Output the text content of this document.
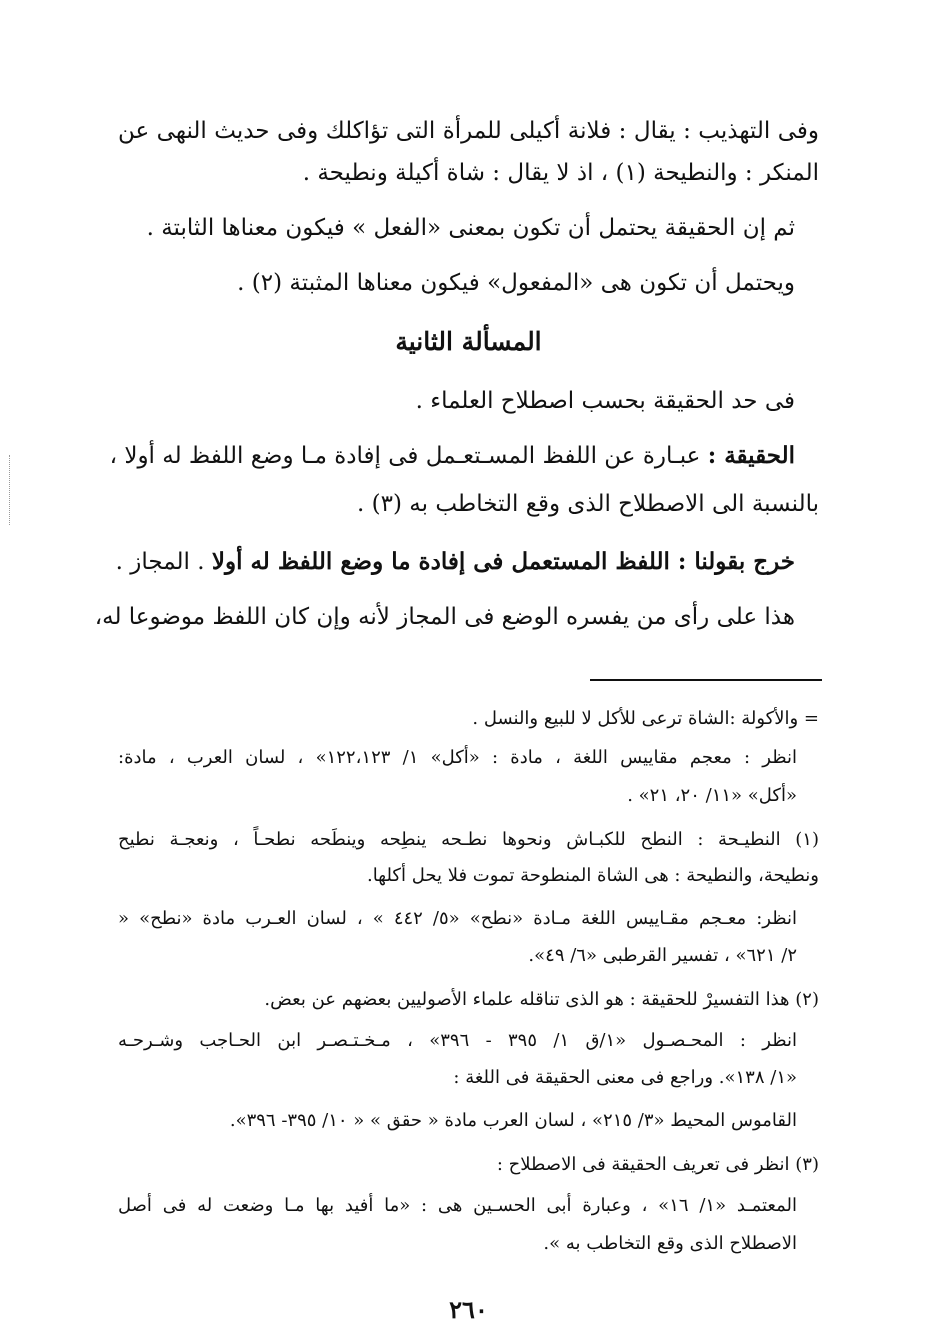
وفى التهذيب : يقال : فلانة أكيلى للمرأة التى تؤاكلك وفى حديث النهى عن
المنكر : والنطيحة (١) ، اذ لا يقال : شاة أكيلة ونطيحة .
ثم إن الحقيقة يحتمل أن تكون بمعنى «الفعل » فيكون معناها الثابتة .
ويحتمل أن تكون هى «المفعول» فيكون معناها المثبتة (٢) .
المسألة الثانية
فى حد الحقيقة بحسب اصطلاح العلماء .
الحقيقة : عبـارة عن اللفظ المسـتعـمل فى إفادة مـا وضع اللفظ له أولا ،
بالنسبة الى الاصطلاح الذى وقع التخاطب به (٣) .
خرج بقولنا : اللفظ المستعمل فى إفادة ما وضع اللفظ له أولا . المجاز .
هذا على رأى من يفسره الوضع فى المجاز لأنه وإن كان اللفظ موضوعا له،
= والأكولة :الشاة ترعى للأكل لا للبيع والنسل .
انظر : معجم مقاييس اللغة ، مادة : «أكل» ١/ ١٢٢،١٢٣» ، لسان العرب ، مادة:
«أكل» «١١/ ٢٠، ٢١» .
(١) النطيـحة : النطح للكبـاش ونحوها نطـحه ينطِحه وينطَحه نطحـاً ، ونعجـة نطيح
ونطيحة، والنطيحة : هى الشاة المنطوحة تموت فلا يحل أكلها.
انظر: معـجم مقـاييس اللغة مـادة «نطح» «٥/ ٤٤٢ » ، لسان العـرب مادة «نطح» «
٢/ ٦٢١» ، تفسير القرطبى «٦/ ٤٩».
(٢) هذا التفسيرْ للحقيقة : هو الذى تناقله علماء الأصوليين بعضهم عن بعض.
انظر : المحـصـول «١/ق ١/ ٣٩٥ - ٣٩٦» ، مـخـتـصـر ابن الحـاجب وشـرحـه
«١/ ١٣٨». وراجع فى معنى الحقيقة فى اللغة :
القاموس المحيط «٣/ ٢١٥» ، لسان العرب مادة « حقق » « ١٠/ ٣٩٥- ٣٩٦».
(٣) انظر فى تعريف الحقيقة فى الاصطلاح :
المعتمـد «١/ ١٦» ، وعبارة أبى الحسـين هى : «ما أفيد بها مـا وضعت له فى أصل
الاصطلاح الذى وقع التخاطب به ».
٢٦٠
